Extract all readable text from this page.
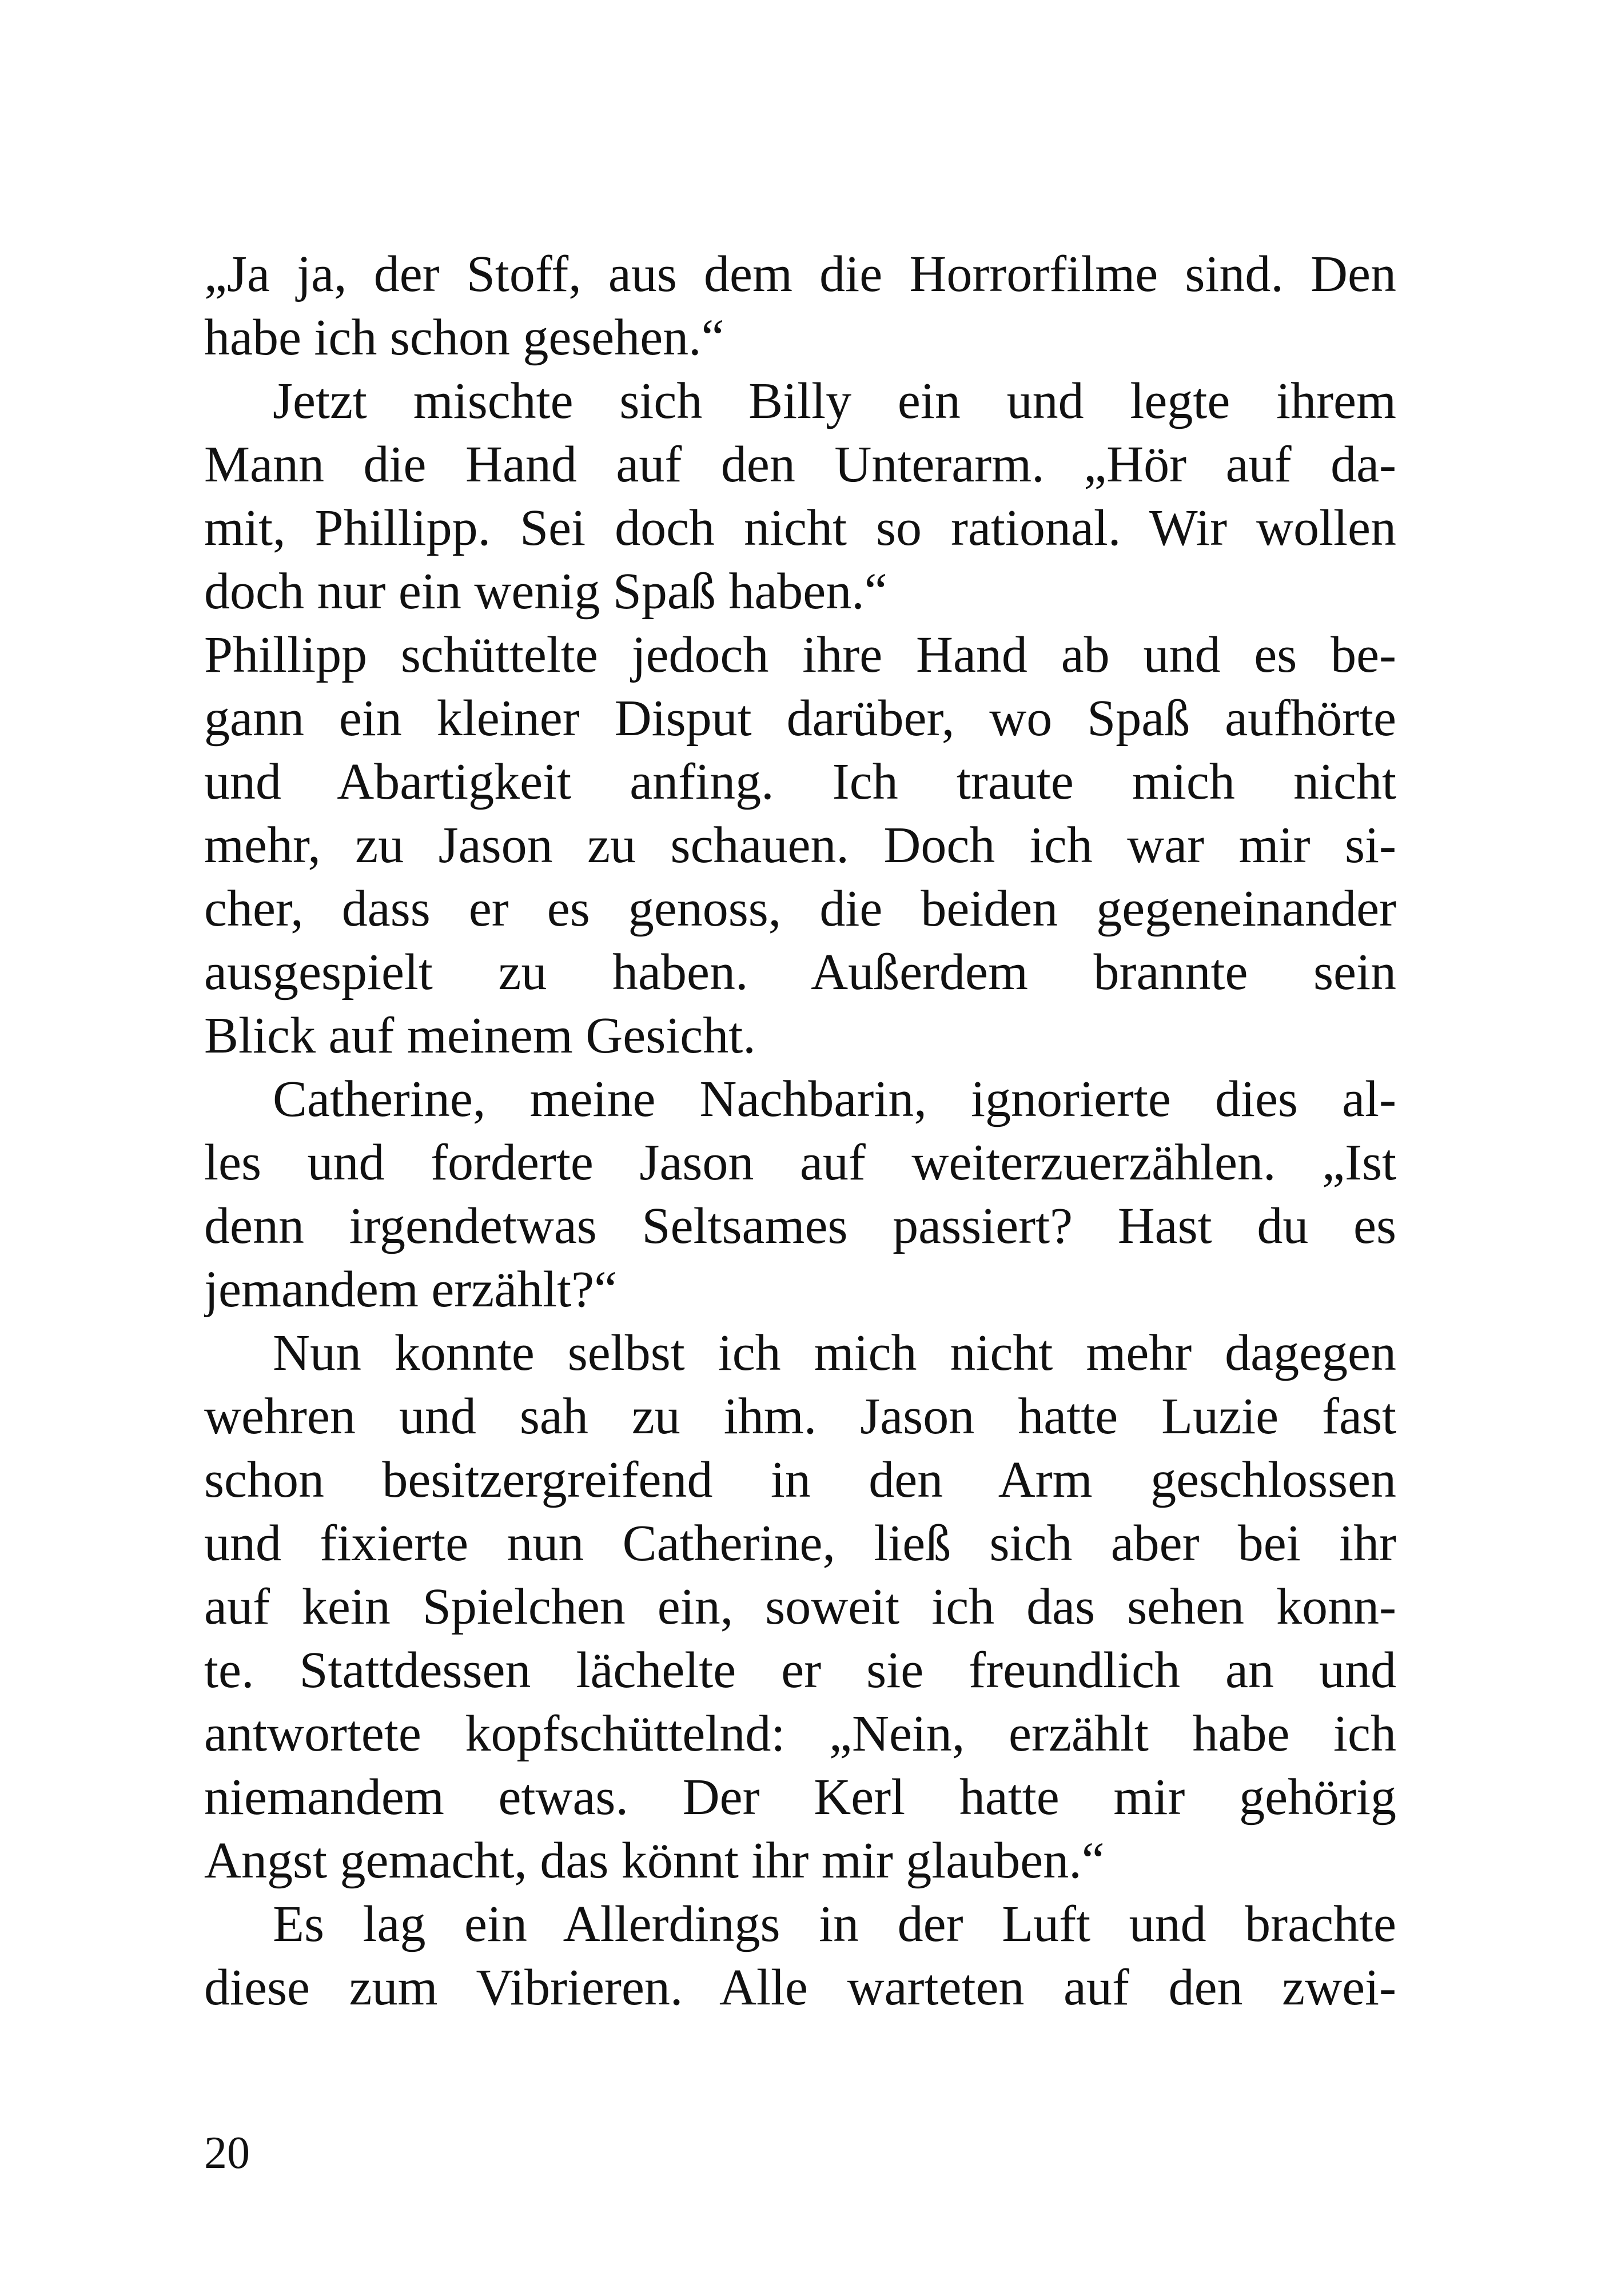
„Ja ja, der Stoff, aus dem die Horrorfilme sind. Den
habe ich schon gesehen.“
Jetzt mischte sich Billy ein und legte ihrem
Mann die Hand auf den Unterarm. „Hör auf da-
mit, Phillipp. Sei doch nicht so rational. Wir wollen
doch nur ein wenig Spaß haben.“
Phillipp schüttelte jedoch ihre Hand ab und es be-
gann ein kleiner Disput darüber, wo Spaß aufhörte
und Abartigkeit anfing. Ich traute mich nicht
mehr, zu Jason zu schauen. Doch ich war mir si-
cher, dass er es genoss, die beiden gegeneinander
ausgespielt zu haben. Außerdem brannte sein
Blick auf meinem Gesicht.
Catherine, meine Nachbarin, ignorierte dies al-
les und forderte Jason auf weiterzuerzählen. „Ist
denn irgendetwas Seltsames passiert? Hast du es
jemandem erzählt?“
Nun konnte selbst ich mich nicht mehr dagegen
wehren und sah zu ihm. Jason hatte Luzie fast
schon besitzergreifend in den Arm geschlossen
und fixierte nun Catherine, ließ sich aber bei ihr
auf kein Spielchen ein, soweit ich das sehen konn-
te. Stattdessen lächelte er sie freundlich an und
antwortete kopfschüttelnd: „Nein, erzählt habe ich
niemandem etwas. Der Kerl hatte mir gehörig
Angst gemacht, das könnt ihr mir glauben.“
Es lag ein Allerdings in der Luft und brachte
diese zum Vibrieren. Alle warteten auf den zwei-
20
